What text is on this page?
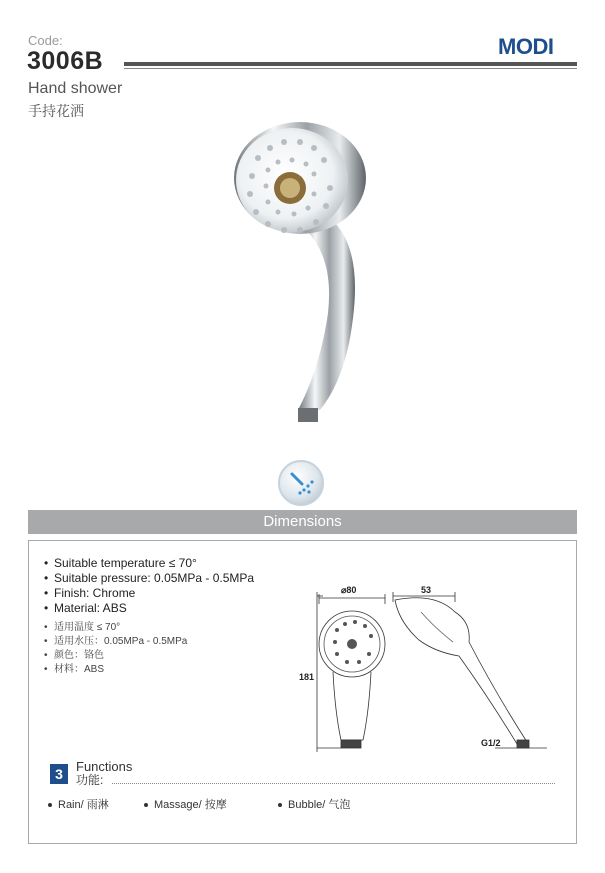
Code:
3006B
MODI
Hand shower
手持花洒
Dimensions
• Suitable temperature ≤ 70°
• Suitable pressure: 0.05MPa - 0.5MPa
• Finish: Chrome
• Material: ABS
• 适用温度 ≤ 70°
• 适用水压：0.05MPa - 0.5MPa
• 颜色：铬色
• 材料：ABS
⌀80	53
181
G1/2
3	Functions
功能:
Rain/ 雨淋	Massage/ 按摩	Bubble/ 气泡
